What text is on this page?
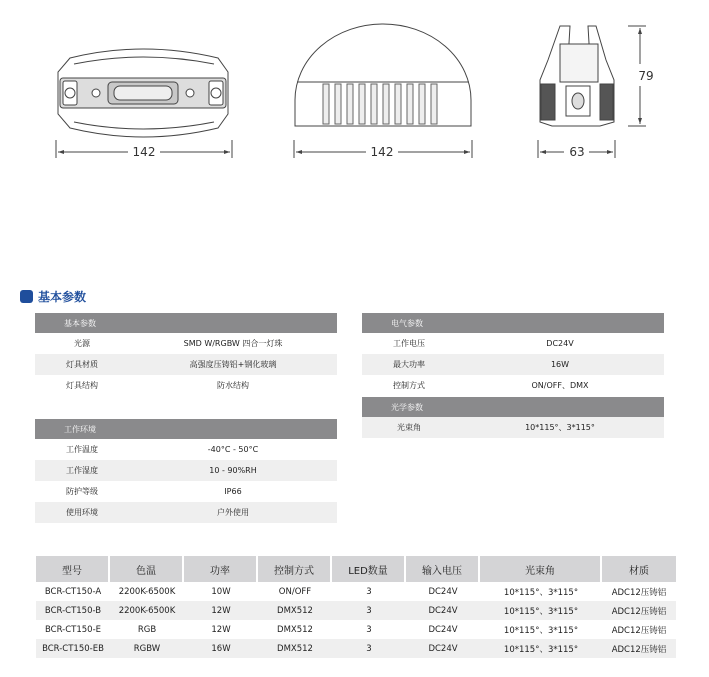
142	142	63
79
基本参数
基本参数
光源	SMD W/RGBW 四合一灯珠
灯具材质	高强度压铸铝+钢化玻璃
灯具结构	防水结构
工作环境
工作温度	-40°C - 50°C
工作湿度	10 - 90%RH
防护等级	IP66
使用环境	户外使用
电气参数
工作电压	DC24V
最大功率	16W
控制方式	ON/OFF、DMX
光学参数
光束角	10*115°、3*115°
型号	色温	功率	控制方式	LED数量	输入电压	光束角	材质
BCR-CT150-A	2200K-6500K	10W	ON/OFF	3	DC24V	10*115°、3*115°	ADC12压铸铝
BCR-CT150-B	2200K-6500K	12W	DMX512	3	DC24V	10*115°、3*115°	ADC12压铸铝
BCR-CT150-E	RGB	12W	DMX512	3	DC24V	10*115°、3*115°	ADC12压铸铝
BCR-CT150-EB	RGBW	16W	DMX512	3	DC24V	10*115°、3*115°	ADC12压铸铝
